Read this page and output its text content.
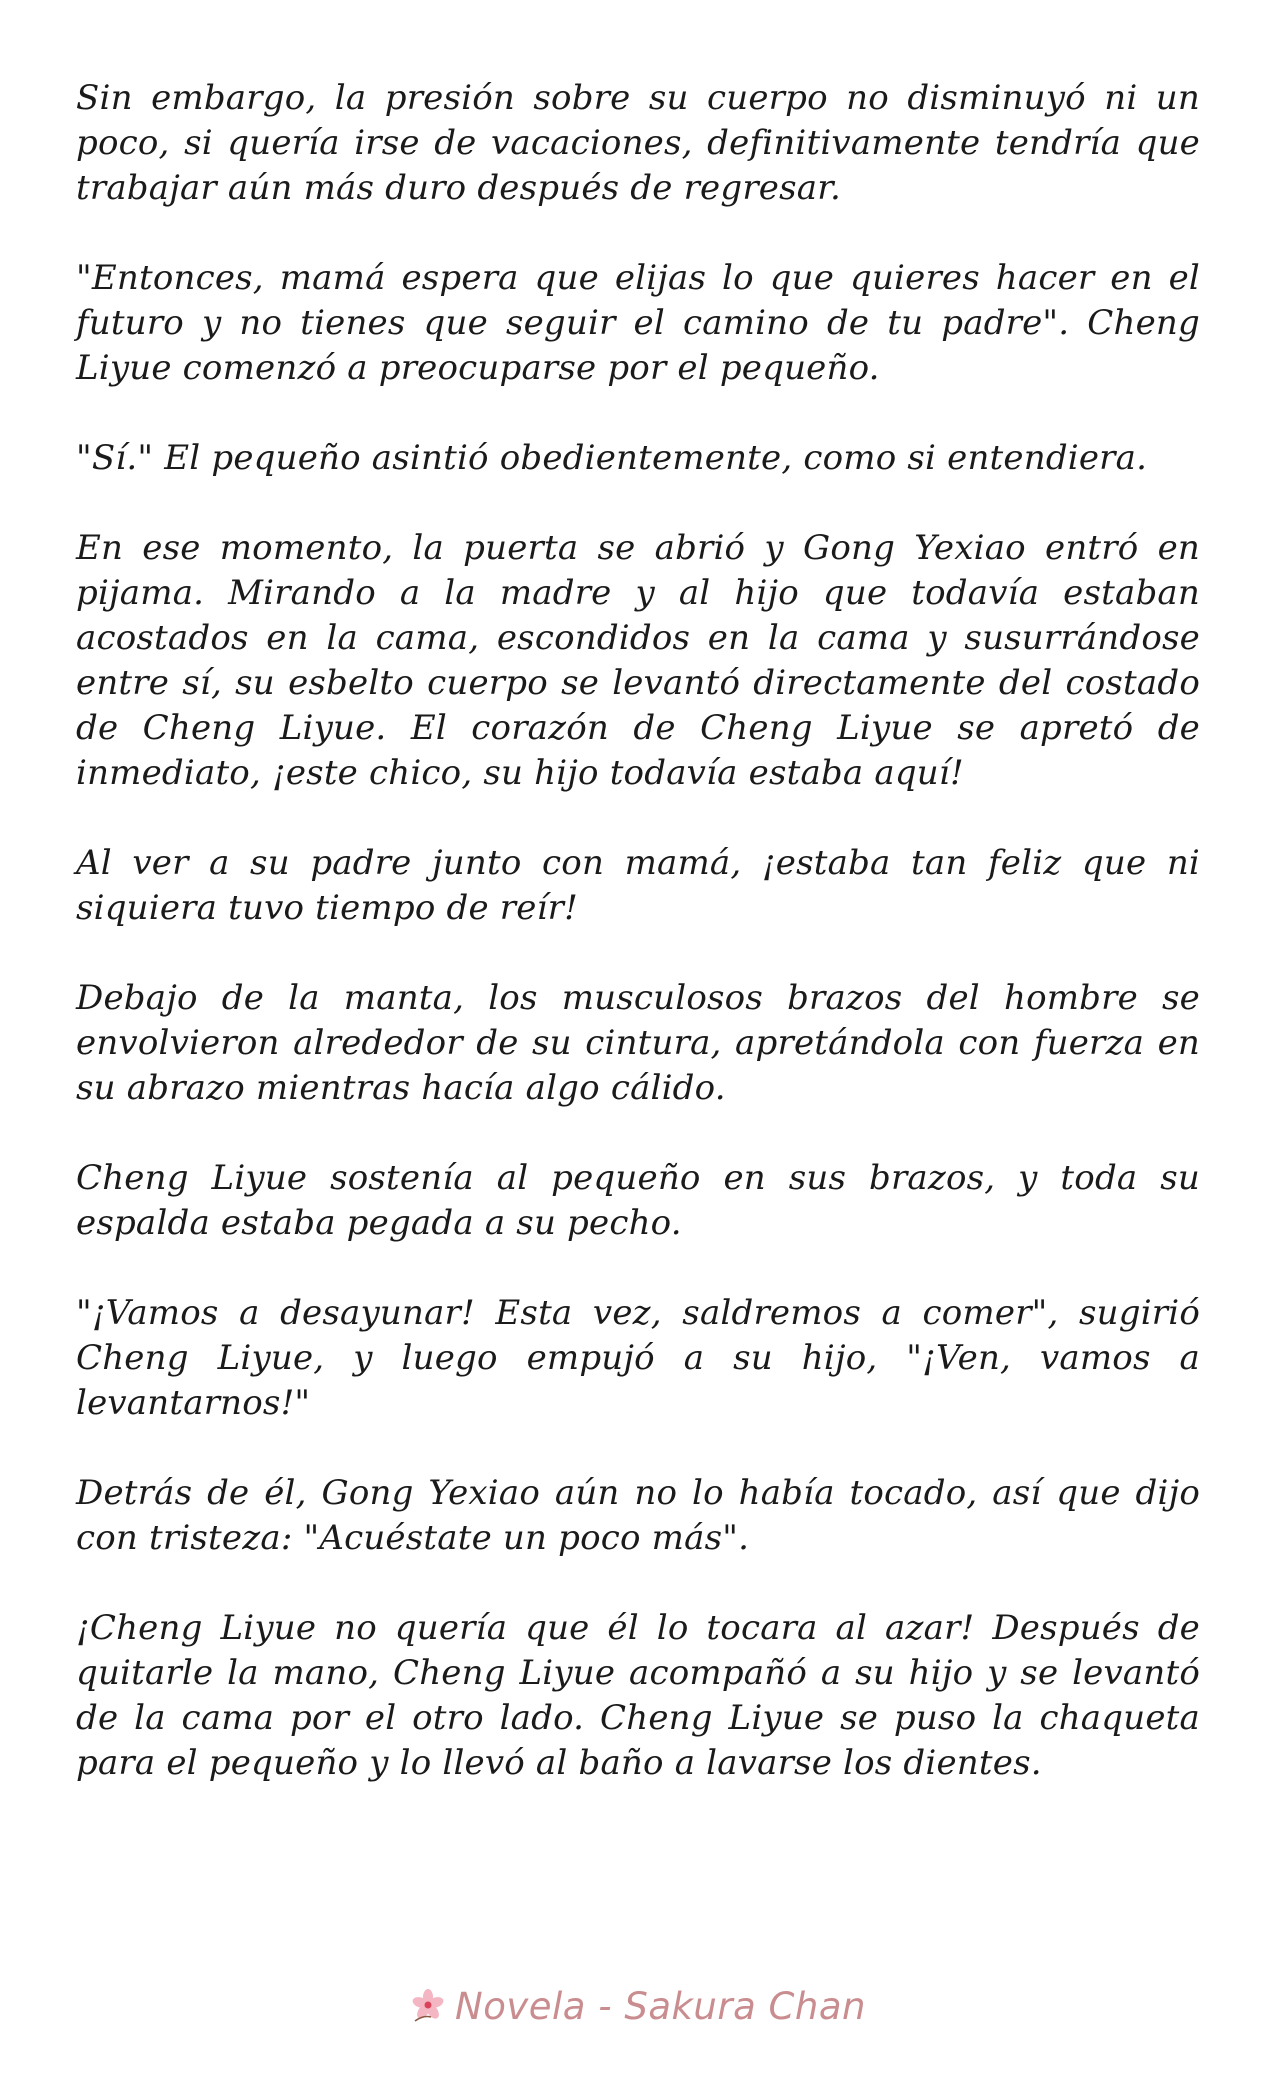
Sin embargo, la presión sobre su cuerpo no disminuyó ni un poco, si quería irse de vacaciones, definitivamente tendría que trabajar aún más duro después de regresar.

"Entonces, mamá espera que elijas lo que quieres hacer en el futuro y no tienes que seguir el camino de tu padre". Cheng Liyue comenzó a preocuparse por el pequeño.

"Sí." El pequeño asintió obedientemente, como si entendiera.

En ese momento, la puerta se abrió y Gong Yexiao entró en pijama. Mirando a la madre y al hijo que todavía estaban acostados en la cama, escondidos en la cama y susurrándose entre sí, su esbelto cuerpo se levantó directamente del costado de Cheng Liyue. El corazón de Cheng Liyue se apretó de inmediato, ¡este chico, su hijo todavía estaba aquí!

Al ver a su padre junto con mamá, ¡estaba tan feliz que ni siquiera tuvo tiempo de reír!

Debajo de la manta, los musculosos brazos del hombre se envolvieron alrededor de su cintura, apretándola con fuerza en su abrazo mientras hacía algo cálido.

Cheng Liyue sostenía al pequeño en sus brazos, y toda su espalda estaba pegada a su pecho.

"¡Vamos a desayunar! Esta vez, saldremos a comer", sugirió Cheng Liyue, y luego empujó a su hijo, "¡Ven, vamos a levantarnos!"

Detrás de él, Gong Yexiao aún no lo había tocado, así que dijo con tristeza: "Acuéstate un poco más".

¡Cheng Liyue no quería que él lo tocara al azar! Después de quitarle la mano, Cheng Liyue acompañó a su hijo y se levantó de la cama por el otro lado. Cheng Liyue se puso la chaqueta para el pequeño y lo llevó al baño a lavarse los dientes.

Novela - Sakura Chan
